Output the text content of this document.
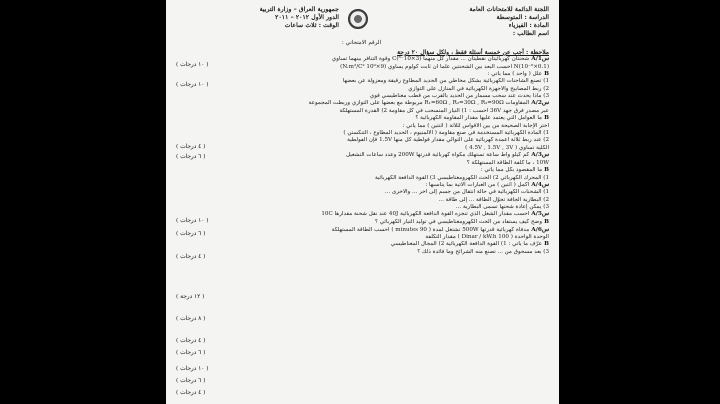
اللجنة الدائمة للامتحانات العامة
الدراسة : المتوسطة
المادة : الفيزياء
اسم الطالب :
جمهورية العراق – وزارة التربية
الدور الأول ٢٠١٢ – ٢٠١١
الوقت : ثلاث ساعات
الرقم الامتحاني :
ملاحظة : أجب عن خمسة أسئلة فقط ، ولكل سؤال ٢٠ درجة
س1/A شحنتان كهربائيتان نقطيتان ... مقدار كل منهما (3×10⁻⁶)C وقوة التنافر بينهما تساوي
(0.1×10⁻⁶)N احسب البعد بين الشحنتين علماً أن ثابت كولوم يساوي (9×10⁹ N.m²/C²)
B علل ( واحد ) مما يأتي :
1) تصنع الشاحنات الكهربائية بشكل مخاطي من الحديد المطاوع رقيقة ومعزولة عن بعضها
2) ربط المصابيح والأجهزة الكهربائية في المنازل على التوازي
3) ماذا يحدث عند سحب مسمار من الحديد بالقرب من قطب مغناطيسي قوي
س2/A المقاومات R₁=60Ω , R₂=30Ω , R₃=90Ω مربوطة مع بعضها على التوازي وربطت المجموعة
عبر مصدر فرق جهد 36V احسب : 1) التيار المنسحب في كل مقاومة 2) القدرة المستهلكة
B ما العوامل التي يعتمد عليها مقدار المقاومة الكهربائية ؟
اختر الإجابة الصحيحة من بين الأقواس لثلاثة ( اثنتين ) مما يأتي :
1) المادة الكهربائية المستخدمة في صنع مقاومة ( الألمنيوم ، الحديد المطاوع ، التنكستن )
2) عند ربط ثلاثة أعمدة كهربائية على التوالي مقدار فولطية كل منها 1.5V فإن الفولطية
الكلية تساوي ( 4.5V , 1.5V , 3V )
س3/A كم كيلو واط ساعة تستهلك مكواة كهربائية قدرتها 200W وعدد ساعات التشغيل
10W ، ما كلفة الطاقة المستهلكة ؟
B ما المقصود بكل مما يأتي :
1) المحرك الكهربائي 2) الحث الكهرومغناطيسي 3) القوة الدافعة الكهربائية
س4/A أكمل ( اثنين ) من العبارات الآتية بما يناسبها :
1) الشحنات الكهربائية في حالة انتقال من جسم إلى آخر ... والأخرى ...
2) البطارية الجافة تحوّل الطاقة ... إلى طاقة ...
3) يمكن إعادة شحنها تسمى البطارية ...
س5/A احسب مقدار الشغل الذي تنجزه القوة الدافعة الكهربائية 40J عند نقل شحنة مقدارها 10C
B وضح كيف يستفاد من الحث الكهرومغناطيسي في توليد التيار الكهربائي ؟
س6/A مدفأة كهربائية قدرتها 500W تشتغل لمدة ( 90 minutes ) احسب الطاقة المستهلكة
الوحدة الواحدة ( 100 Dinar / kW.h ) مقدار التكلفة
B عرّف ما يأتي : 1) القوة الدافعة الكهربائية 2) المجال المغناطيسي
3) بعد مسحوق من ... تصنع منه الشرائح وما فائدة ذلك ؟
( ١٠ درجات )
( ١٠ درجات )
( ٤ درجات )
( ٦ درجات )
( ١٠ درجات )
( ٦ درجات )
( ٤ درجات )
( ١٢ درجة )
( ٨ درجات )
( ٤ درجات )
( ٦ درجات )
( ١٠ درجات )
( ٦ درجات )
( ٤ درجات )
